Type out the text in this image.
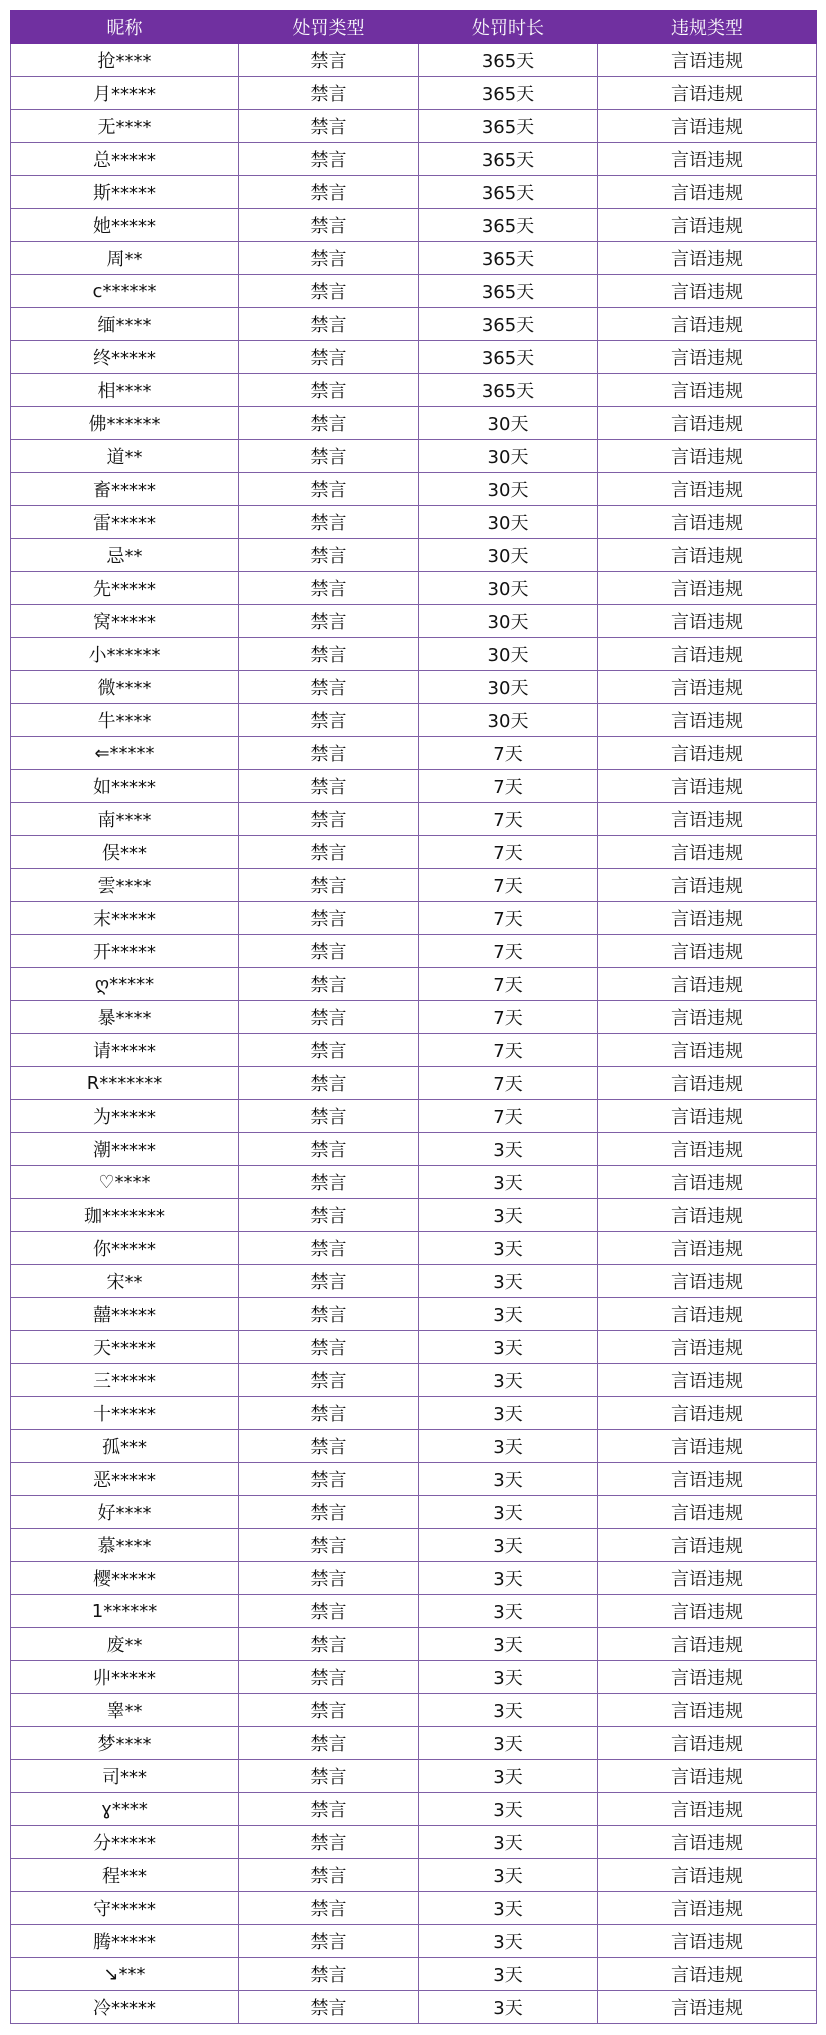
昵称	处罚类型	处罚时长	违规类型
抢****	禁言	365天	言语违规
月*****	禁言	365天	言语违规
无****	禁言	365天	言语违规
总*****	禁言	365天	言语违规
斯*****	禁言	365天	言语违规
她*****	禁言	365天	言语违规
周**	禁言	365天	言语违规
c******	禁言	365天	言语违规
缅****	禁言	365天	言语违规
终*****	禁言	365天	言语违规
相****	禁言	365天	言语违规
佛******	禁言	30天	言语违规
道**	禁言	30天	言语违规
畜*****	禁言	30天	言语违规
雷*****	禁言	30天	言语违规
忌**	禁言	30天	言语违规
先*****	禁言	30天	言语违规
窝*****	禁言	30天	言语违规
小******	禁言	30天	言语违规
微****	禁言	30天	言语违规
牛****	禁言	30天	言语违规
⇐*****	禁言	7天	言语违规
如*****	禁言	7天	言语违规
南****	禁言	7天	言语违规
俣***	禁言	7天	言语违规
雲****	禁言	7天	言语违规
末*****	禁言	7天	言语违规
开*****	禁言	7天	言语违规
ღ*****	禁言	7天	言语违规
暴****	禁言	7天	言语违规
请*****	禁言	7天	言语违规
R*******	禁言	7天	言语违规
为*****	禁言	7天	言语违规
潮*****	禁言	3天	言语违规
♡****	禁言	3天	言语违规
珈*******	禁言	3天	言语违规
你*****	禁言	3天	言语违规
宋**	禁言	3天	言语违规
囍*****	禁言	3天	言语违规
天*****	禁言	3天	言语违规
三*****	禁言	3天	言语违规
十*****	禁言	3天	言语违规
孤***	禁言	3天	言语违规
恶*****	禁言	3天	言语违规
好****	禁言	3天	言语违规
慕****	禁言	3天	言语违规
樱*****	禁言	3天	言语违规
1******	禁言	3天	言语违规
废**	禁言	3天	言语违规
丱*****	禁言	3天	言语违规
睾**	禁言	3天	言语违规
梦****	禁言	3天	言语违规
司***	禁言	3天	言语违规
ɣ****	禁言	3天	言语违规
分*****	禁言	3天	言语违规
程***	禁言	3天	言语违规
守*****	禁言	3天	言语违规
腾*****	禁言	3天	言语违规
↘***	禁言	3天	言语违规
冷*****	禁言	3天	言语违规
